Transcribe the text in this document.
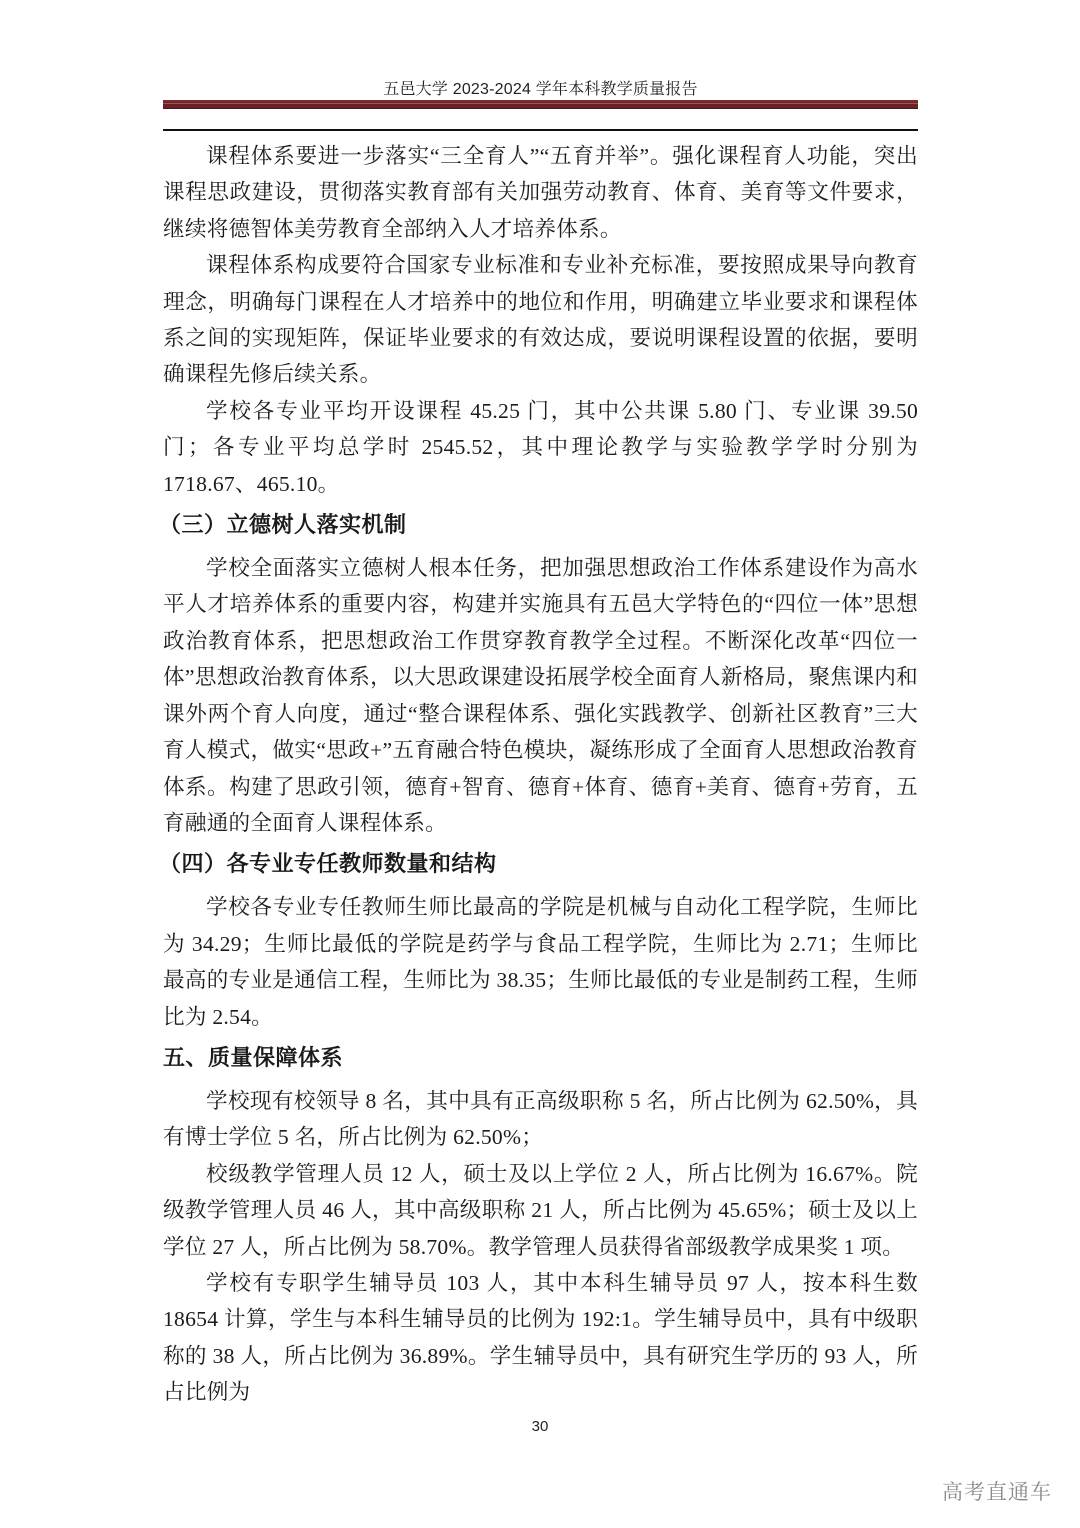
五邑大学 2023-2024 学年本科教学质量报告

课程体系要进一步落实“三全育人”“五育并举”。强化课程育人功能，突出课程思政建设，贯彻落实教育部有关加强劳动教育、体育、美育等文件要求，继续将德智体美劳教育全部纳入人才培养体系。

课程体系构成要符合国家专业标准和专业补充标准，要按照成果导向教育理念，明确每门课程在人才培养中的地位和作用，明确建立毕业要求和课程体系之间的实现矩阵，保证毕业要求的有效达成，要说明课程设置的依据，要明确课程先修后续关系。

学校各专业平均开设课程 45.25 门，其中公共课 5.80 门、专业课 39.50 门；各专业平均总学时 2545.52，其中理论教学与实验教学学时分别为 1718.67、465.10。

（三）立德树人落实机制

学校全面落实立德树人根本任务，把加强思想政治工作体系建设作为高水平人才培养体系的重要内容，构建并实施具有五邑大学特色的“四位一体”思想政治教育体系，把思想政治工作贯穿教育教学全过程。不断深化改革“四位一体”思想政治教育体系，以大思政课建设拓展学校全面育人新格局，聚焦课内和课外两个育人向度，通过“整合课程体系、强化实践教学、创新社区教育”三大育人模式，做实“思政+”五育融合特色模块，凝练形成了全面育人思想政治教育体系。构建了思政引领，德育+智育、德育+体育、德育+美育、德育+劳育，五育融通的全面育人课程体系。

（四）各专业专任教师数量和结构

学校各专业专任教师生师比最高的学院是机械与自动化工程学院，生师比为 34.29；生师比最低的学院是药学与食品工程学院，生师比为 2.71；生师比最高的专业是通信工程，生师比为 38.35；生师比最低的专业是制药工程，生师比为 2.54。

五、质量保障体系

学校现有校领导 8 名，其中具有正高级职称 5 名，所占比例为 62.50%，具有博士学位 5 名，所占比例为 62.50%；

校级教学管理人员 12 人，硕士及以上学位 2 人，所占比例为 16.67%。院级教学管理人员 46 人，其中高级职称 21 人，所占比例为 45.65%；硕士及以上学位 27 人，所占比例为 58.70%。教学管理人员获得省部级教学成果奖 1 项。

学校有专职学生辅导员 103 人，其中本科生辅导员 97 人，按本科生数 18654 计算，学生与本科生辅导员的比例为 192:1。学生辅导员中，具有中级职称的 38 人，所占比例为 36.89%。学生辅导员中，具有研究生学历的 93 人，所占比例为

30
高考直通车
